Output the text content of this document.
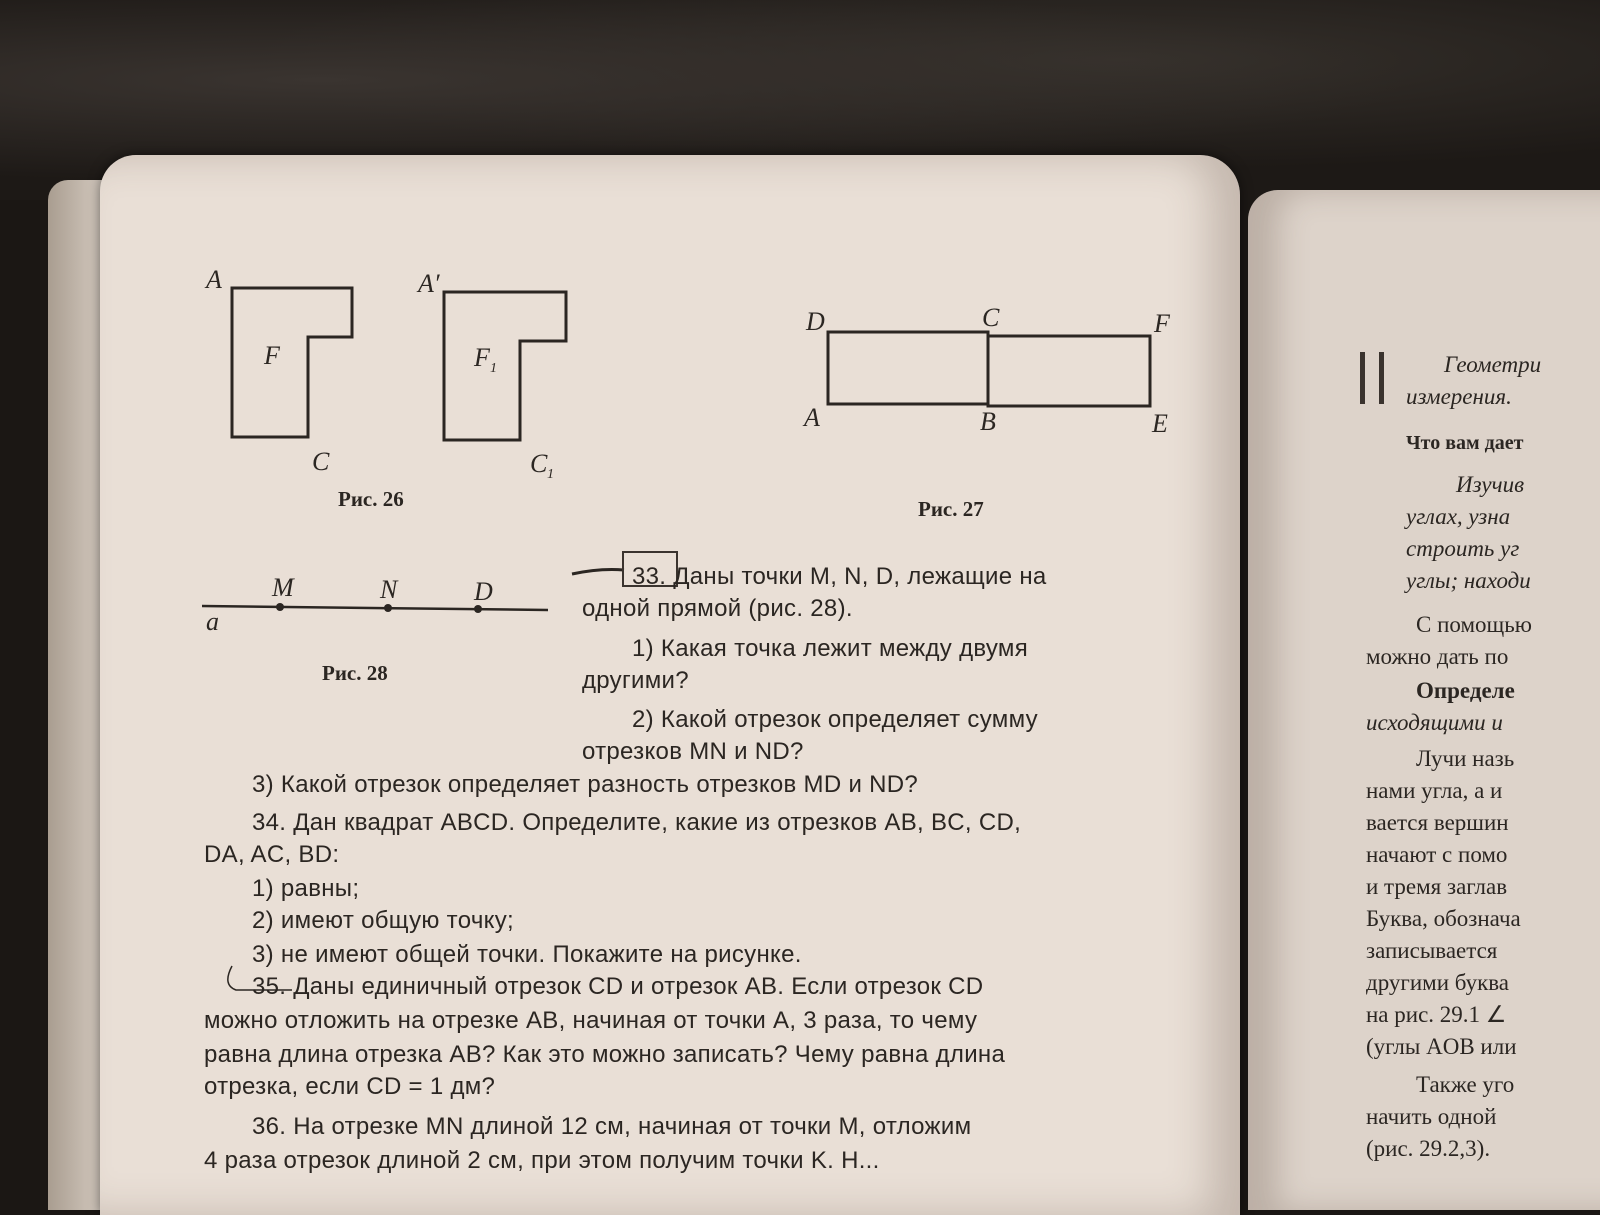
A
F
C
A′
F 1
C 1
Рис. 26
D	C	F
A	B	E
Рис. 27
M	N	D
a
Рис. 28
33. Даны точки M, N, D, лежащие на
одной прямой (рис. 28).
1) Какая точка лежит между двумя
другими?
2) Какой отрезок определяет сумму
отрезков MN и ND?
3) Какой отрезок определяет разность отрезков MD и ND?
34. Дан квадрат ABCD. Определите, какие из отрезков AB, BC, CD,
DA, AC, BD:
1) равны;
2) имеют общую точку;
3) не имеют общей точки. Покажите на рисунке.
35. Даны единичный отрезок CD и отрезок AB. Если отрезок CD
можно отложить на отрезке AB, начиная от точки A, 3 раза, то чему
равна длина отрезка AB? Как это можно записать? Чему равна длина
отрезка, если CD = 1 дм?
36. На отрезке MN длиной 12 см, начиная от точки M, отложим
4 раза отрезок длиной 2 см, при этом получим точки K. Н...
Геометри
измерения.
Что вам дает
Изучив
углах, узна
строить уг
углы; находи
С помощью
можно дать по
Определе
исходящими и
Лучи назь
нами угла, а и
вается вершин
начают с помо
и тремя заглав
Буква, обознача
записывается
другими буква
на рис. 29.1 ∠
(углы AOB или
Также уго
начить одной
(рис. 29.2,3).
